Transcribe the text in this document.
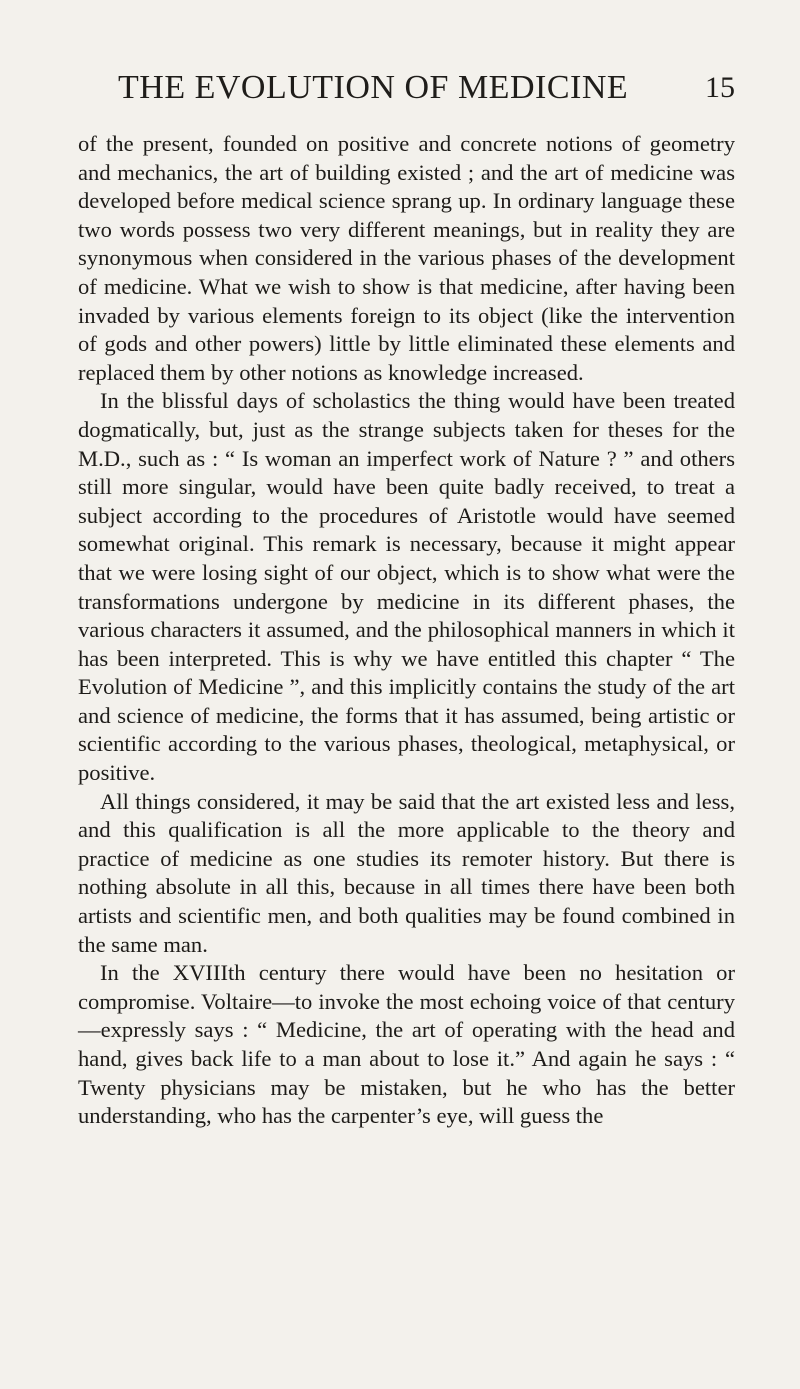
THE EVOLUTION OF MEDICINE	15

of the present, founded on positive and concrete notions of geometry and mechanics, the art of building existed ; and the art of medicine was developed before medical science sprang up. In ordinary language these two words possess two very different meanings, but in reality they are synonymous when considered in the various phases of the development of medicine. What we wish to show is that medicine, after having been invaded by various elements foreign to its object (like the intervention of gods and other powers) little by little eliminated these elements and replaced them by other notions as knowledge increased.

In the blissful days of scholastics the thing would have been treated dogmatically, but, just as the strange subjects taken for theses for the M.D., such as : “ Is woman an imperfect work of Nature ? ” and others still more singular, would have been quite badly received, to treat a subject according to the procedures of Aristotle would have seemed somewhat original. This remark is necessary, because it might appear that we were losing sight of our object, which is to show what were the transformations undergone by medicine in its different phases, the various characters it assumed, and the philosophical manners in which it has been interpreted. This is why we have entitled this chapter “ The Evolution of Medicine ”, and this implicitly contains the study of the art and science of medicine, the forms that it has assumed, being artistic or scientific according to the various phases, theological, metaphysical, or positive.

All things considered, it may be said that the art existed less and less, and this qualification is all the more applicable to the theory and practice of medicine as one studies its remoter history. But there is nothing absolute in all this, because in all times there have been both artists and scientific men, and both qualities may be found combined in the same man.

In the XVIIIth century there would have been no hesitation or compromise. Voltaire—to invoke the most echoing voice of that century—expressly says : “ Medicine, the art of operating with the head and hand, gives back life to a man about to lose it.” And again he says : “ Twenty physicians may be mistaken, but he who has the better understanding, who has the carpenter’s eye, will guess the
